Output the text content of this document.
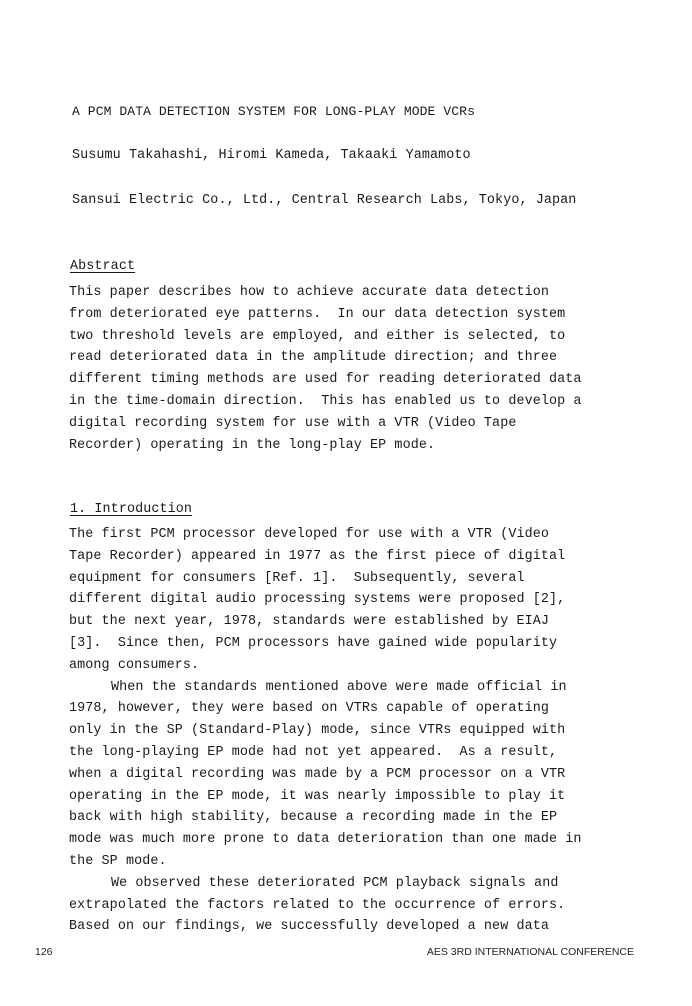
A PCM DATA DETECTION SYSTEM FOR LONG-PLAY MODE VCRs
Susumu Takahashi, Hiromi Kameda, Takaaki Yamamoto
Sansui Electric Co., Ltd., Central Research Labs, Tokyo, Japan
Abstract
This paper describes how to achieve accurate data detection
from deteriorated eye patterns.  In our data detection system
two threshold levels are employed, and either is selected, to
read deteriorated data in the amplitude direction; and three
different timing methods are used for reading deteriorated data
in the time-domain direction.  This has enabled us to develop a
digital recording system for use with a VTR (Video Tape
Recorder) operating in the long-play EP mode.
1. Introduction
The first PCM processor developed for use with a VTR (Video
Tape Recorder) appeared in 1977 as the first piece of digital
equipment for consumers [Ref. 1].  Subsequently, several
different digital audio processing systems were proposed [2],
but the next year, 1978, standards were established by EIAJ
[3].  Since then, PCM processors have gained wide popularity
among consumers.
When the standards mentioned above were made official in
1978, however, they were based on VTRs capable of operating
only in the SP (Standard-Play) mode, since VTRs equipped with
the long-playing EP mode had not yet appeared.  As a result,
when a digital recording was made by a PCM processor on a VTR
operating in the EP mode, it was nearly impossible to play it
back with high stability, because a recording made in the EP
mode was much more prone to data deterioration than one made in
the SP mode.
We observed these deteriorated PCM playback signals and
extrapolated the factors related to the occurrence of errors.
Based on our findings, we successfully developed a new data
126	AES 3RD INTERNATIONAL CONFERENCE
